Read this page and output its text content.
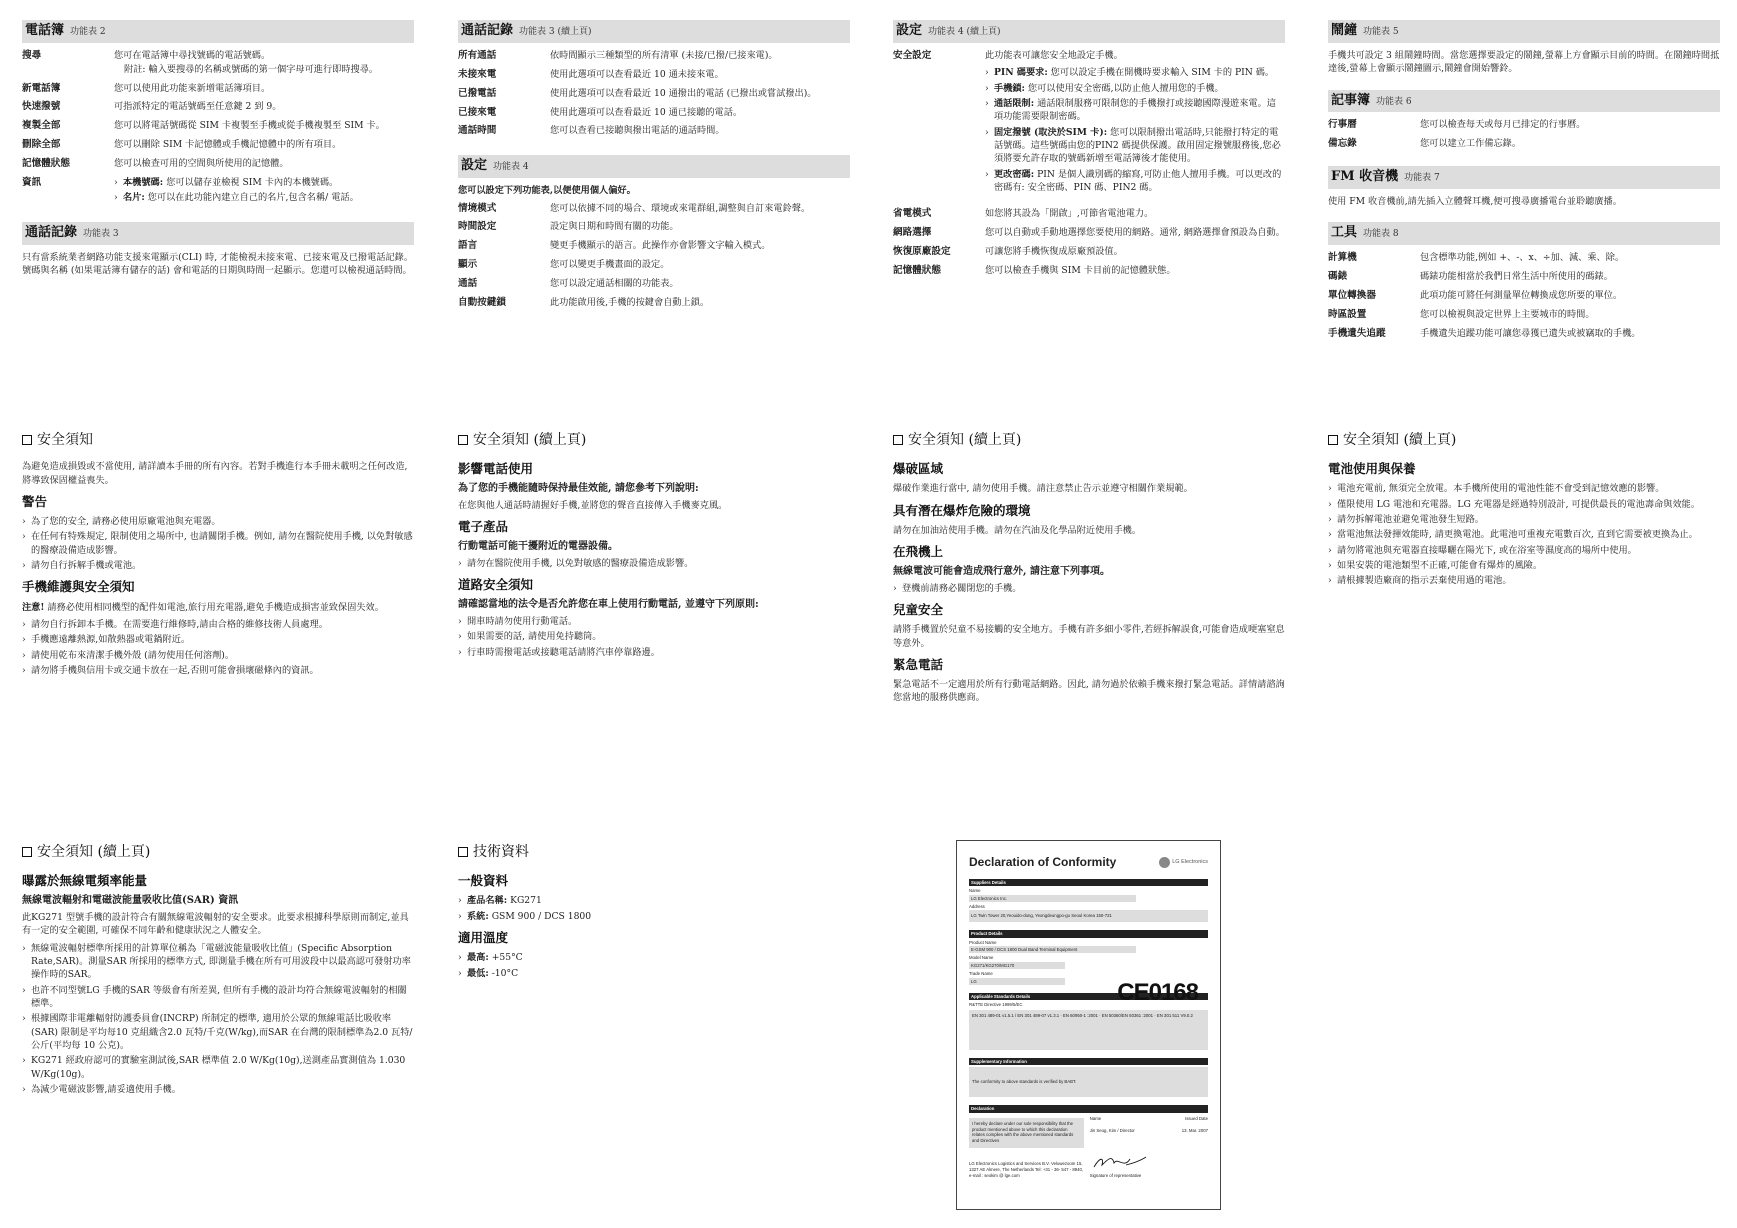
電話簿 功能表 2
搜尋	您可在電話簿中尋找號碼的電話號碼。
附註: 輸入要搜尋的名稱或號碼的第一個字母可進行即時搜尋。
新電話簿	您可以使用此功能來新增電話簿項目。
快速撥號	可指派特定的電話號碼至任意鍵 2 到 9。
複製全部	您可以將電話號碼從 SIM 卡複製至手機或從手機複製至 SIM 卡。
刪除全部	您可以刪除 SIM 卡記憶體或手機記憶體中的所有項目。
記憶體狀態	您可以檢查可用的空間與所使用的記憶體。
資訊
›	本機號碼: 您可以儲存並檢視 SIM 卡內的本機號碼。
› 名片: 您可以在此功能內建立自己的名片,包含名稱/ 電話。
通話記錄 功能表 3
只有當系統業者網路功能支援來電顯示(CLI) 時, 才能檢視未接來電、已接來電及已撥電話記錄。號碼與名稱 (如果電話簿有儲存的話) 會和電話的日期與時間一起顯示。您還可以檢視通話時間。
通話記錄 功能表 3 (續上頁)
所有通話	依時間顯示三種類型的所有清單 (未接/已撥/已接來電)。
未接來電	使用此選項可以查看最近 10 通未接來電。
已撥電話	使用此選項可以查看最近 10 通撥出的電話 (已撥出或嘗試撥出)。
已接來電	使用此選項可以查看最近 10 通已接聽的電話。
通話時間	您可以查看已接聽與撥出電話的通話時間。
設定 功能表 4
您可以設定下列功能表,以便使用個人偏好。
情境模式	您可以依據不同的場合、環境或來電群組,調整與自訂來電鈴聲。
時間設定	設定與日期和時間有關的功能。
語言	變更手機顯示的語言。此操作亦會影響文字輸入模式。
顯示	您可以變更手機畫面的設定。
通話	您可以設定通話相關的功能表。
自動按鍵鎖	此功能啟用後,手機的按鍵會自動上鎖。
設定 功能表 4 (續上頁)
安全設定	此功能表可讓您安全地設定手機。
› PIN 碼要求: 您可以設定手機在開機時要求輸入 SIM 卡的 PIN 碼。
› 手機鎖: 您可以使用安全密碼,以防止他人擅用您的手機。
› 通話限制: 通話限制服務可限制您的手機撥打或接聽國際漫遊來電。這項功能需要限制密碼。
› 固定撥號 (取決於SIM 卡): 您可以限制撥出電話時,只能撥打特定的電話號碼。這些號碼由您的PIN2 碼提供保護。啟用固定撥號服務後,您必須將要允許存取的號碼新增至電話簿後才能使用。
› 更改密碼: PIN 是個人識別碼的縮寫,可防止他人擅用手機。可以更改的密碼有: 安全密碼、PIN 碼、PIN2 碼。
省電模式	如您將其設為「開啟」,可節省電池電力。
網路選擇	您可以自動或手動地選擇您要使用的網路。通常, 網路選擇會預設為自動。
恢復原廠設定	可讓您將手機恢復成原廠預設值。
記憶體狀態	您可以檢查手機與 SIM 卡目前的記憶體狀態。
鬧鐘 功能表 5
手機共可設定 3 組鬧鐘時間。當您選擇要設定的鬧鐘,螢幕上方會顯示目前的時間。在鬧鐘時間抵達後,螢幕上會顯示鬧鐘圖示,鬧鐘會開始響鈴。
記事簿 功能表 6
行事曆	您可以檢查每天或每月已排定的行事曆。
備忘錄	您可以建立工作備忘錄。
FM 收音機 功能表 7
使用 FM 收音機前,請先插入立體聲耳機,便可搜尋廣播電台並聆聽廣播。
工具 功能表 8
計算機	包含標準功能,例如 +、-、x、÷加、減、乘、除。
碼錶	碼錶功能相當於我們日常生活中所使用的碼錶。
單位轉換器	此項功能可將任何測量單位轉換成您所要的單位。
時區設置	您可以檢視與設定世界上主要城市的時間。
手機遺失追蹤	手機遺失追蹤功能可讓您尋獲已遺失或被竊取的手機。
安全須知
為避免造成損毀或不當使用, 請詳讀本手冊的所有內容。若對手機進行本手冊未載明之任何改造, 將導致保固權益喪失。
警告
› 為了您的安全, 請務必使用原廠電池與充電器。
› 在任何有特殊規定, 限制使用之場所中, 也請關閉手機。例如, 請勿在醫院使用手機, 以免對敏感的醫療設備造成影響。
› 請勿自行拆解手機或電池。
手機維護與安全須知
注意! 請務必使用相同機型的配件如電池,旅行用充電器,避免手機造成損害並致保固失效。
› 請勿自行拆卸本手機。在需要進行維修時,請由合格的維修技術人員處理。
› 手機應遠離熱源,如散熱器或電鍋附近。
› 請使用乾布來清潔手機外殼 (請勿使用任何溶劑)。
› 請勿將手機與信用卡或交通卡放在一起,否則可能會損壞磁條內的資訊。
安全須知 (續上頁)
影響電話使用
為了您的手機能隨時保持最佳效能, 請您參考下列說明:
在您與他人通話時請握好手機,並將您的聲音直接傳入手機麥克風。
電子產品
行動電話可能干擾附近的電器設備。
› 請勿在醫院使用手機, 以免對敏感的醫療設備造成影響。
道路安全須知
請確認當地的法令是否允許您在車上使用行動電話, 並遵守下列原則:
› 開車時請勿使用行動電話。
› 如果需要的話, 請使用免持聽筒。
› 行車時需撥電話或接聽電話請將汽車停靠路邊。
安全須知 (續上頁)
爆破區域
爆破作業進行當中, 請勿使用手機。請注意禁止告示並遵守相關作業規範。
具有潛在爆炸危險的環境
請勿在加油站使用手機。請勿在汽油及化學品附近使用手機。
在飛機上
無線電波可能會造成飛行意外, 請注意下列事項。
› 登機前請務必關閉您的手機。
兒童安全
請將手機置於兒童不易接觸的安全地方。手機有許多細小零件,若經拆解誤食,可能會造成哽塞窒息等意外。
緊急電話
緊急電話不一定適用於所有行動電話網路。因此, 請勿過於依賴手機來撥打緊急電話。詳情請諮詢您當地的服務供應商。
安全須知 (續上頁)
電池使用與保養
› 電池充電前, 無須完全放電。本手機所使用的電池性能不會受到記憶效應的影響。
› 僅限使用 LG 電池和充電器。LG 充電器是經過特別設計, 可提供最長的電池壽命與效能。
› 請勿拆解電池並避免電池發生短路。
› 當電池無法發揮效能時, 請更換電池。此電池可重複充電數百次, 直到它需要被更換為止。
› 請勿將電池與充電器直接曝曬在陽光下, 或在浴室等濕度高的場所中使用。
› 如果安裝的電池類型不正確,可能會有爆炸的風險。
› 請根據製造廠商的指示丟棄使用過的電池。
安全須知 (續上頁)
曝露於無線電頻率能量
無線電波輻射和電磁波能量吸收比值(SAR) 資訊
此KG271 型號手機的設計符合有關無線電波輻射的安全要求。此要求根據科學原則而制定,並具有一定的安全範圍, 可確保不同年齡和健康狀況之人體安全。
› 無線電波輻射標準所採用的計算單位稱為「電磁波能量吸收比值」(Specific Absorption Rate,SAR)。測量SAR 所採用的標準方式, 即測量手機在所有可用波段中以最高認可發射功率操作時的SAR。
› 也許不同型號LG 手機的SAR 等級會有所差異, 但所有手機的設計均符合無線電波輻射的相關標準。
› 根據國際非電離輻射防護委員會(INCRP) 所制定的標準, 適用於公眾的無線電話比吸收率(SAR) 限制是平均每10 克組織含2.0 瓦特/千克(W/kg),而SAR 在台灣的限制標準為2.0 瓦特/公斤(平均每 10 公克)。
› KG271 經政府認可的實驗室測試後,SAR 標準值 2.0 W/Kg(10g),送測產品實測值為 1.030 W/Kg(10g)。
› 為減少電磁波影響,請妥適使用手機。
技術資料
一般資料
› 產品名稱: KG271
› 系統: GSM 900 / DCS 1800
適用溫度
› 最高: +55°C
› 最低: -10°C
Declaration of Conformity	LG Electronics
Suppliers Details
Name
LG Electronics Inc.
Address
LG Twin Tower 20,Yeouido-dong, Yeongdeungpo-gu Seoul Korea 150-721
Product Details
Product Name
E-GSM 900 / DCS 1800 Dual Band Terminal Equipment
Model Name
KG271/KG270/MG170
Trade Name
LG	CE0168
Applicable Standards Details
R&TTE Directive 1999/5/EC
EN 301 489-01 v1.5.1 / EN 301 489-07 v1.3.1 · EN 60950-1 :2001 · EN 50360/EN 50361 :2001 · EN 301 511 V9.0.2
Supplementary Information
The conformity to above standards is verified by BABT.
Declaration
I hereby declare under our sole responsibility that the product mentioned above to which this declaration relates complies with the above mentioned standards and Directives
Name	Issued Date
Jin Seog, Kim / Director	13. Mar. 2007
LG Electronics Logistics and Services B.V. Veluwezoom 15, 1327 AE Almere, The Netherlands Tel: +31 - 36- 547 - 8940, e-mail : seokim @ lge.com	Signature of representative
